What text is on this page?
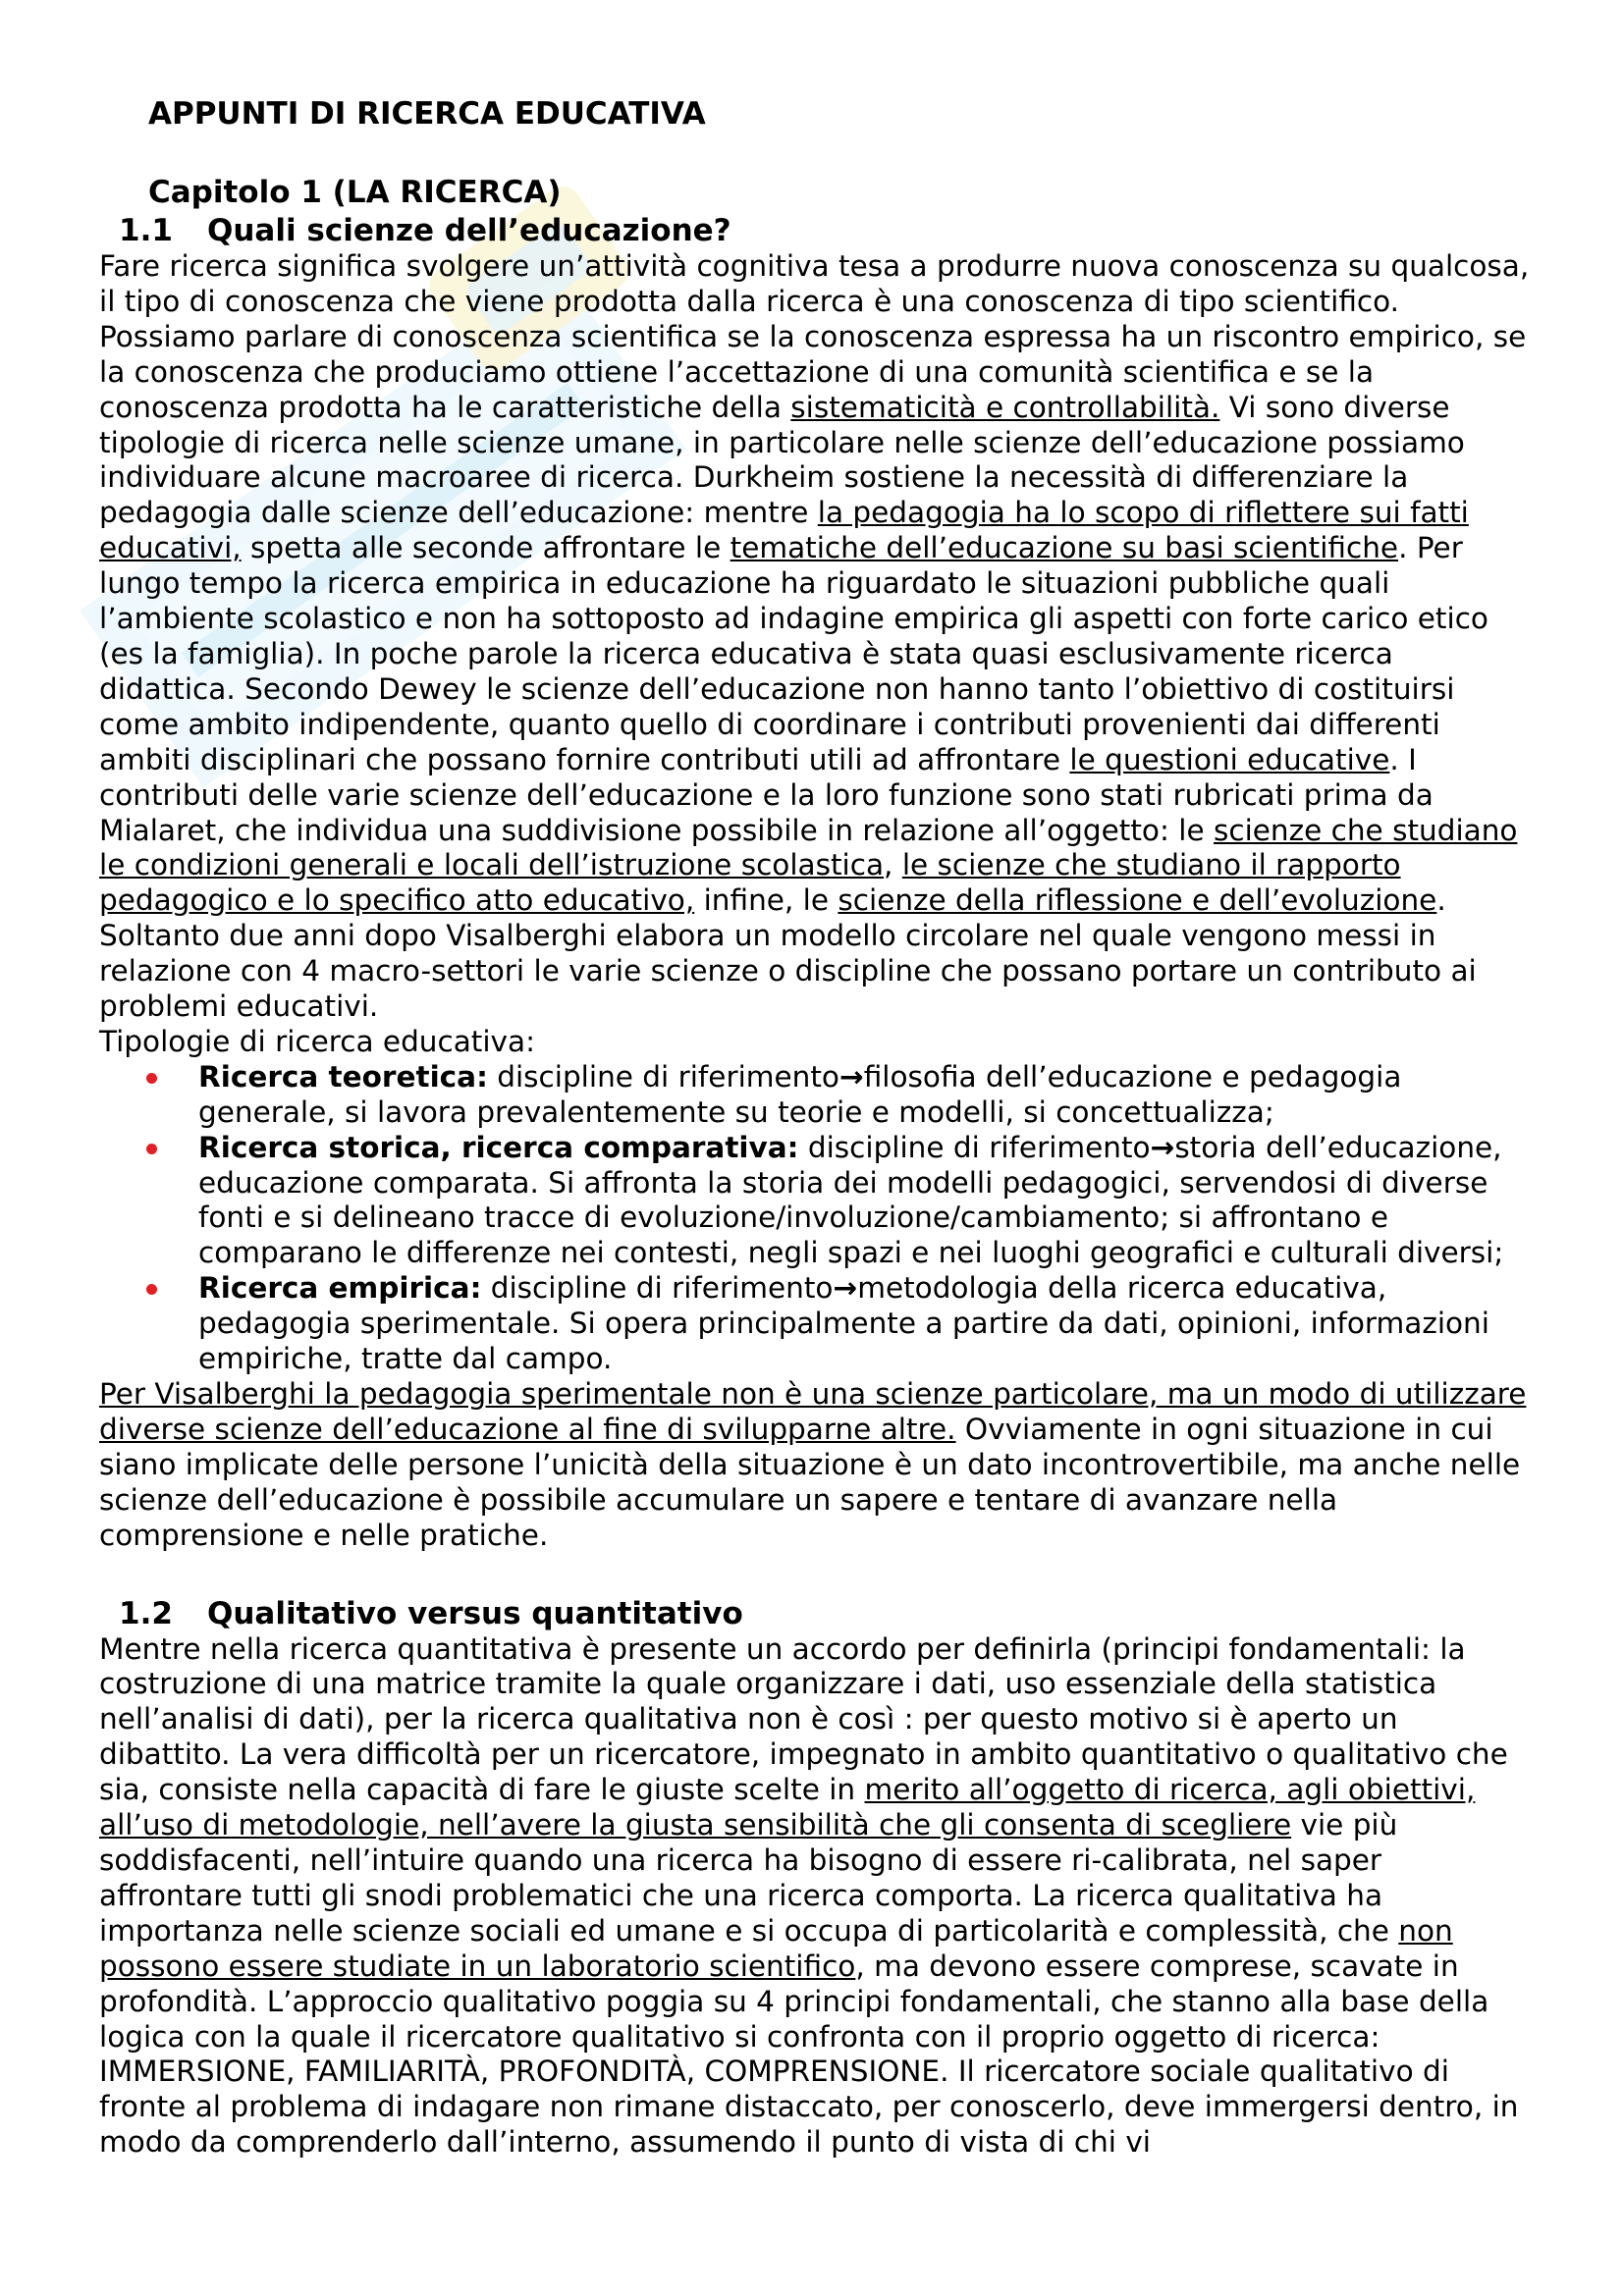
APPUNTI DI RICERCA EDUCATIVA
Capitolo 1 (LA RICERCA)
1.1 Quali scienze dell’educazione?

Fare ricerca significa svolgere un’attività cognitiva tesa a produrre nuova conoscenza su qualcosa, il tipo di conoscenza che viene prodotta dalla ricerca è una conoscenza di tipo scientifico. Possiamo parlare di conoscenza scientifica se la conoscenza espressa ha un riscontro empirico, se la conoscenza che produciamo ottiene l’accettazione di una comunità scientifica e se la conoscenza prodotta ha le caratteristiche della sistematicità e controllabilità. Vi sono diverse tipologie di ricerca nelle scienze umane, in particolare nelle scienze dell’educazione possiamo individuare alcune macroaree di ricerca. Durkheim sostiene la necessità di differenziare la pedagogia dalle scienze dell’educazione: mentre la pedagogia ha lo scopo di riflettere sui fatti educativi, spetta alle seconde affrontare le tematiche dell’educazione su basi scientifiche. Per lungo tempo la ricerca empirica in educazione ha riguardato le situazioni pubbliche quali l’ambiente scolastico e non ha sottoposto ad indagine empirica gli aspetti con forte carico etico (es la famiglia). In poche parole la ricerca educativa è stata quasi esclusivamente ricerca didattica. Secondo Dewey le scienze dell’educazione non hanno tanto l’obiettivo di costituirsi come ambito indipendente, quanto quello di coordinare i contributi provenienti dai differenti ambiti disciplinari che possano fornire contributi utili ad affrontare le questioni educative. I contributi delle varie scienze dell’educazione e la loro funzione sono stati rubricati prima da Mialaret, che individua una suddivisione possibile in relazione all’oggetto: le scienze che studiano le condizioni generali e locali dell’istruzione scolastica, le scienze che studiano il rapporto pedagogico e lo specifico atto educativo, infine, le scienze della riflessione e dell’evoluzione. Soltanto due anni dopo Visalberghi elabora un modello circolare nel quale vengono messi in relazione con 4 macro-settori le varie scienze o discipline che possano portare un contributo ai problemi educativi.

Tipologie di ricerca educativa:

Ricerca teoretica: discipline di riferimento→filosofia dell’educazione e pedagogia generale, si lavora prevalentemente su teorie e modelli, si concettualizza;
Ricerca storica, ricerca comparativa: discipline di riferimento→storia dell’educazione, educazione comparata. Si affronta la storia dei modelli pedagogici, servendosi di diverse fonti e si delineano tracce di evoluzione/involuzione/cambiamento; si affrontano e comparano le differenze nei contesti, negli spazi e nei luoghi geografici e culturali diversi;
Ricerca empirica: discipline di riferimento→metodologia della ricerca educativa, pedagogia sperimentale. Si opera principalmente a partire da dati, opinioni, informazioni empiriche, tratte dal campo.

Per Visalberghi la pedagogia sperimentale non è una scienze particolare, ma un modo di utilizzare diverse scienze dell’educazione al fine di svilupparne altre. Ovviamente in ogni situazione in cui siano implicate delle persone l’unicità della situazione è un dato incontrovertibile, ma anche nelle scienze dell’educazione è possibile accumulare un sapere e tentare di avanzare nella comprensione e nelle pratiche.

1.2 Qualitativo versus quantitativo

Mentre nella ricerca quantitativa è presente un accordo per definirla (principi fondamentali: la costruzione di una matrice tramite la quale organizzare i dati, uso essenziale della statistica nell’analisi di dati), per la ricerca qualitativa non è così : per questo motivo si è aperto un dibattito. La vera difficoltà per un ricercatore, impegnato in ambito quantitativo o qualitativo che sia, consiste nella capacità di fare le giuste scelte in merito all’oggetto di ricerca, agli obiettivi, all’uso di metodologie, nell’avere la giusta sensibilità che gli consenta di scegliere vie più soddisfacenti, nell’intuire quando una ricerca ha bisogno di essere ri-calibrata, nel saper affrontare tutti gli snodi problematici che una ricerca comporta. La ricerca qualitativa ha importanza nelle scienze sociali ed umane e si occupa di particolarità e complessità, che non possono essere studiate in un laboratorio scientifico, ma devono essere comprese, scavate in profondità. L’approccio qualitativo poggia su 4 principi fondamentali, che stanno alla base della logica con la quale il ricercatore qualitativo si confronta con il proprio oggetto di ricerca: IMMERSIONE, FAMILIARITÀ, PROFONDITÀ, COMPRENSIONE. Il ricercatore sociale qualitativo di fronte al problema di indagare non rimane distaccato, per conoscerlo, deve immergersi dentro, in modo da comprenderlo dall’interno, assumendo il punto di vista di chi vi
